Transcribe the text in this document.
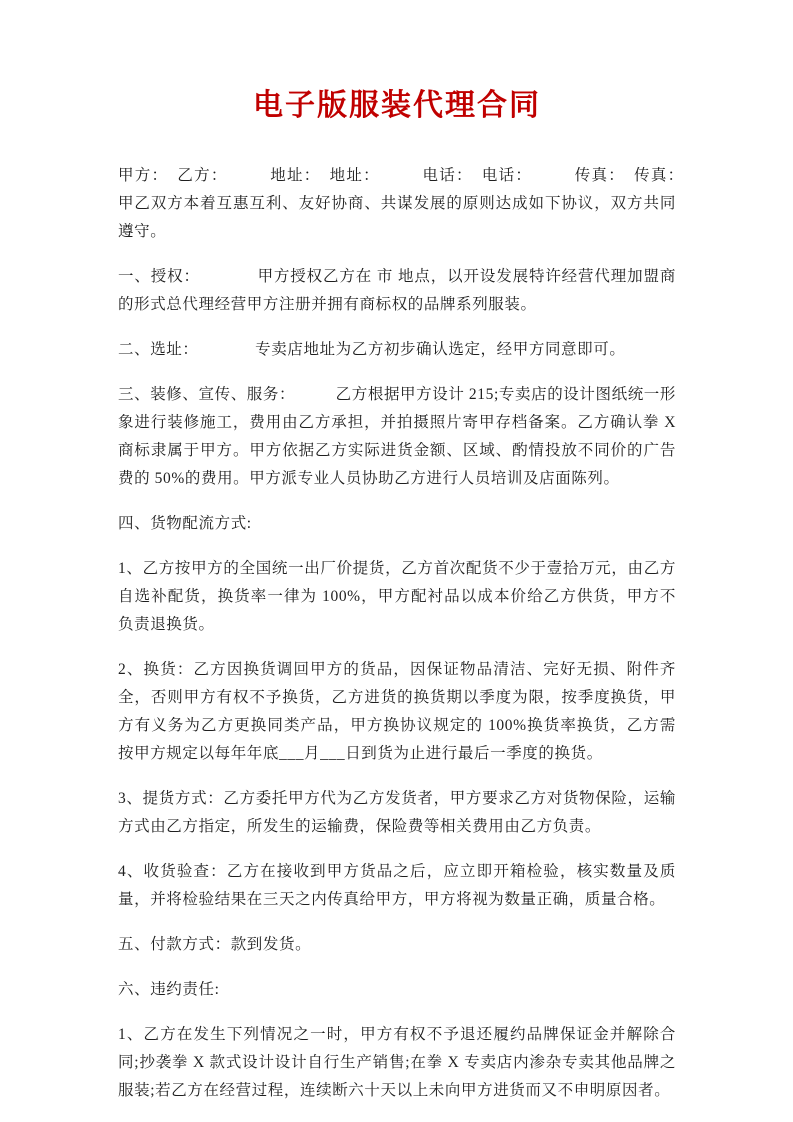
电子版服装代理合同

甲方：　乙方：　　　地址：　地址：　　　电话：　电话：　　　传真：　传真：　　　甲乙双方本着互惠互利、友好协商、共谋发展的原则达成如下协议，双方共同遵守。

一、授权：　　　　甲方授权乙方在 市 地点，以开设发展特许经营代理加盟商的形式总代理经营甲方注册并拥有商标权的品牌系列服装。

二、选址：　　　　专卖店地址为乙方初步确认选定，经甲方同意即可。

三、装修、宣传、服务：　　　乙方根据甲方设计 215;专卖店的设计图纸统一形象进行装修施工，费用由乙方承担，并拍摄照片寄甲存档备案。乙方确认拳 X 商标隶属于甲方。甲方依据乙方实际进货金额、区域、酌情投放不同价的广告费的 50%的费用。甲方派专业人员协助乙方进行人员培训及店面陈列。

四、货物配流方式:

1、乙方按甲方的全国统一出厂价提货，乙方首次配货不少于壹拾万元，由乙方自选补配货，换货率一律为 100%，甲方配衬品以成本价给乙方供货，甲方不负责退换货。

2、换货：乙方因换货调回甲方的货品，因保证物品清洁、完好无损、附件齐全，否则甲方有权不予换货，乙方进货的换货期以季度为限，按季度换货，甲方有义务为乙方更换同类产品，甲方换协议规定的 100%换货率换货，乙方需按甲方规定以每年年底___月___日到货为止进行最后一季度的换货。

3、提货方式：乙方委托甲方代为乙方发货者，甲方要求乙方对货物保险，运输方式由乙方指定，所发生的运输费，保险费等相关费用由乙方负责。

4、收货验查：乙方在接收到甲方货品之后，应立即开箱检验，核实数量及质量，并将检验结果在三天之内传真给甲方，甲方将视为数量正确，质量合格。

五、付款方式：款到发货。

六、违约责任:

1、乙方在发生下列情况之一时，甲方有权不予退还履约品牌保证金并解除合同;抄袭拳 X 款式设计设计自行生产销售;在拳 X 专卖店内渗杂专卖其他品牌之服装;若乙方在经营过程，连续断六十天以上未向甲方进货而又不申明原因者。
